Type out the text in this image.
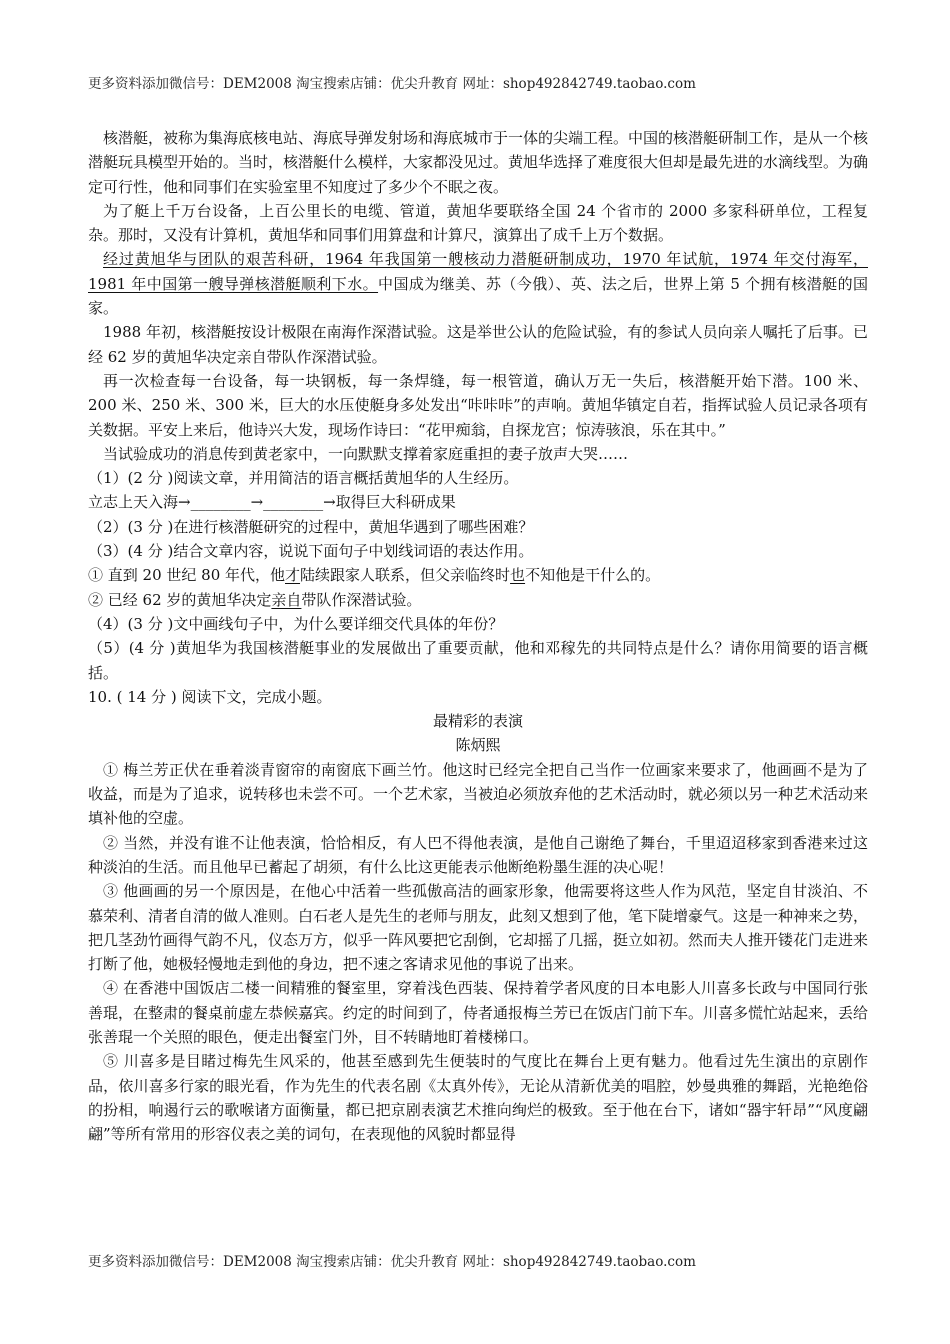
更多资料添加微信号：DEM2008 淘宝搜索店铺：优尖升教育 网址：shop492842749.taobao.com

核潜艇，被称为集海底核电站、海底导弹发射场和海底城市于一体的尖端工程。中国的核潜艇研制工作，是从一个核潜艇玩具模型开始的。当时，核潜艇什么模样，大家都没见过。黄旭华选择了难度很大但却是最先进的水滴线型。为确定可行性，他和同事们在实验室里不知度过了多少个不眠之夜。

为了艇上千万台设备，上百公里长的电缆、管道，黄旭华要联络全国 24 个省市的 2000 多家科研单位，工程复杂。那时，又没有计算机，黄旭华和同事们用算盘和计算尺，演算出了成千上万个数据。

经过黄旭华与团队的艰苦科研，1964 年我国第一艘核动力潜艇研制成功，1970 年试航，1974 年交付海军，1981 年中国第一艘导弹核潜艇顺利下水。中国成为继美、苏（今俄）、英、法之后，世界上第 5 个拥有核潜艇的国家。

1988 年初，核潜艇按设计极限在南海作深潜试验。这是举世公认的危险试验，有的参试人员向亲人嘱托了后事。已经 62 岁的黄旭华决定亲自带队作深潜试验。

再一次检查每一台设备，每一块钢板，每一条焊缝，每一根管道，确认万无一失后，核潜艇开始下潜。100 米、200 米、250 米、300 米，巨大的水压使艇身多处发出“咔咔咔”的声响。黄旭华镇定自若，指挥试验人员记录各项有关数据。平安上来后，他诗兴大发，现场作诗曰：“花甲痴翁，自探龙宫；惊涛骇浪，乐在其中。”

当试验成功的消息传到黄老家中，一向默默支撑着家庭重担的妻子放声大哭……

（1）(2 分 )阅读文章，并用简洁的语言概括黄旭华的人生经历。

立志上天入海→________→________→取得巨大科研成果

（2）(3 分 )在进行核潜艇研究的过程中，黄旭华遇到了哪些困难？

（3）(4 分 )结合文章内容，说说下面句子中划线词语的表达作用。

① 直到 20 世纪 80 年代，他才陆续跟家人联系，但父亲临终时也不知他是干什么的。

② 已经 62 岁的黄旭华决定亲自带队作深潜试验。

（4）(3 分 )文中画线句子中，为什么要详细交代具体的年份？

（5）(4 分 )黄旭华为我国核潜艇事业的发展做出了重要贡献，他和邓稼先的共同特点是什么？请你用简要的语言概括。

10. ( 14 分 ) 阅读下文，完成小题。

最精彩的表演

陈炳熙

① 梅兰芳正伏在垂着淡青窗帘的南窗底下画兰竹。他这时已经完全把自己当作一位画家来要求了，他画画不是为了收益，而是为了追求，说转移也未尝不可。一个艺术家，当被迫必须放弃他的艺术活动时，就必须以另一种艺术活动来填补他的空虚。

② 当然，并没有谁不让他表演，恰恰相反，有人巴不得他表演，是他自己谢绝了舞台，千里迢迢移家到香港来过这种淡泊的生活。而且他早已蓄起了胡须，有什么比这更能表示他断绝粉墨生涯的决心呢！

③ 他画画的另一个原因是，在他心中活着一些孤傲高洁的画家形象，他需要将这些人作为风范，坚定自甘淡泊、不慕荣利、清者自清的做人准则。白石老人是先生的老师与朋友，此刻又想到了他，笔下陡增豪气。这是一种神来之势，把几茎劲竹画得气韵不凡，仪态万方，似乎一阵风要把它刮倒，它却摇了几摇，挺立如初。然而夫人推开镂花门走进来打断了他，她极轻慢地走到他的身边，把不速之客请求见他的事说了出来。

④ 在香港中国饭店二楼一间精雅的餐室里，穿着浅色西装、保持着学者风度的日本电影人川喜多长政与中国同行张善琨，在整肃的餐桌前虚左恭候嘉宾。约定的时间到了，侍者通报梅兰芳已在饭店门前下车。川喜多慌忙站起来，丢给张善琨一个关照的眼色，便走出餐室门外，目不转睛地盯着楼梯口。

⑤ 川喜多是目睹过梅先生风采的，他甚至感到先生便装时的气度比在舞台上更有魅力。他看过先生演出的京剧作品，依川喜多行家的眼光看，作为先生的代表名剧《太真外传》，无论从清新优美的唱腔，妙曼典雅的舞蹈，光艳绝俗的扮相，响遏行云的歌喉诸方面衡量，都已把京剧表演艺术推向绚烂的极致。至于他在台下，诸如“器宇轩昂”“风度翩翩”等所有常用的形容仪表之美的词句，在表现他的风貌时都显得

更多资料添加微信号：DEM2008 淘宝搜索店铺：优尖升教育 网址：shop492842749.taobao.com
